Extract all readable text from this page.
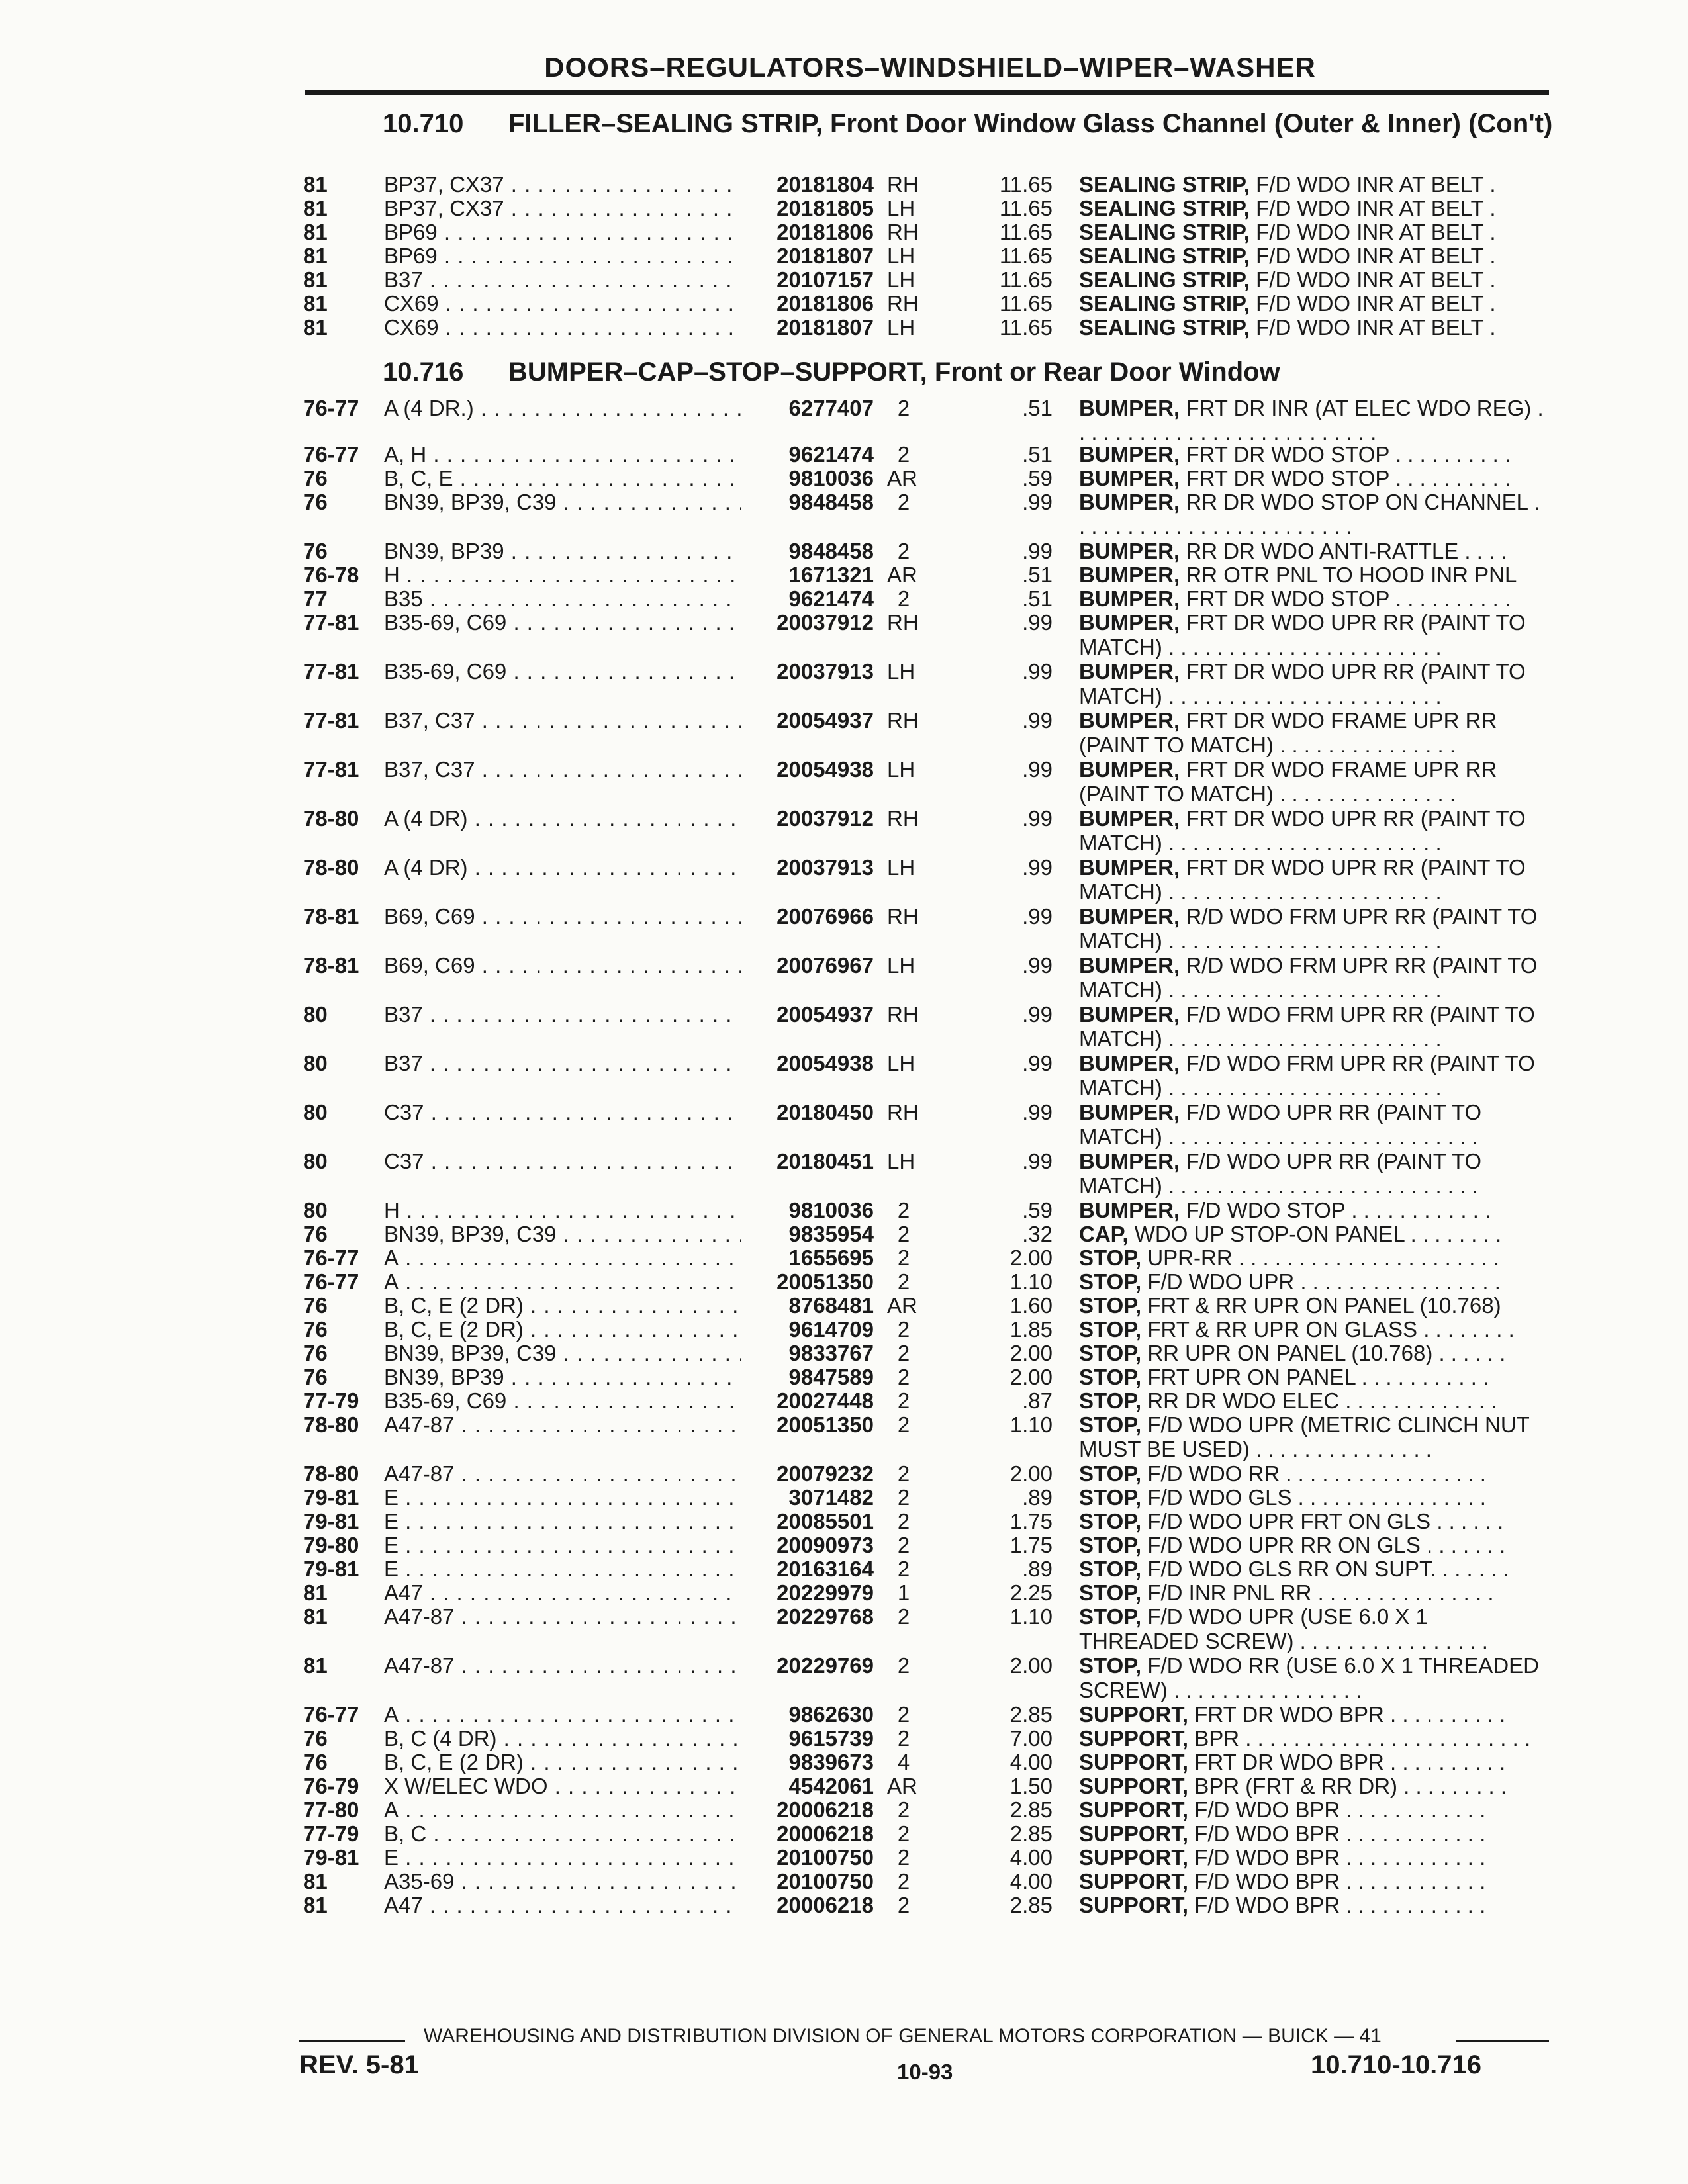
DOORS–REGULATORS–WINDSHIELD–WIPER–WASHER
10.710 FILLER–SEALING STRIP, Front Door Window Glass Channel (Outer & Inner) (Con't)
10.716 BUMPER–CAP–STOP–SUPPORT, Front or Rear Door Window
81	BP37, CX37 . . .	20181804 RH	11.65 SEALING STRIP, F/D WDO INR AT BELT .
81	BP37, CX37 . . .	20181805 LH	11.65 SEALING STRIP, F/D WDO INR AT BELT .
81	BP69 . . .	20181806 RH	11.65 SEALING STRIP, F/D WDO INR AT BELT .
81	BP69 . . .	20181807 LH	11.65 SEALING STRIP, F/D WDO INR AT BELT .
81	B37 . . .	20107157 LH	11.65 SEALING STRIP, F/D WDO INR AT BELT .
81	CX69 . . .	20181806 RH	11.65 SEALING STRIP, F/D WDO INR AT BELT .
81	CX69 . . .	20181807 LH	11.65 SEALING STRIP, F/D WDO INR AT BELT .
76-77 A (4 DR.) . . .	6277407	2	.51 BUMPER, FRT DR INR (AT ELEC WDO REG) . . . . . . . . . . . . . . . . . . . . . . . . . .
76-77 A, H . . .	9621474	2	.51 BUMPER, FRT DR WDO STOP . . . . . . . . . .
76	B, C, E . . .	9810036 AR	.59 BUMPER, FRT DR WDO STOP . . . . . . . . . .
76	BN39, BP39, C39 . . .	9848458	2	.99 BUMPER, RR DR WDO STOP ON CHANNEL . . . . . . . . . . . . . . . . . . . . . . . .
76	BN39, BP39 . . .	9848458	2	.99 BUMPER, RR DR WDO ANTI-RATTLE . . . .
76-78 H . . .	1671321 AR	.51 BUMPER, RR OTR PNL TO HOOD INR PNL
77	B35 . . .	9621474	2	.51 BUMPER, FRT DR WDO STOP . . . . . . . . . .
77-81 B35-69, C69 . . .	20037912 RH	.99 BUMPER, FRT DR WDO UPR RR (PAINT TO MATCH) . . . . . . . . . . . . . . . . . . . . . . .
77-81 B35-69, C69 . . .	20037913 LH	.99 BUMPER, FRT DR WDO UPR RR (PAINT TO MATCH) . . . . . . . . . . . . . . . . . . . . . . .
77-81 B37, C37 . . .	20054937 RH	.99 BUMPER, FRT DR WDO FRAME UPR RR (PAINT TO MATCH) . . . . . . . . . . . . . . .
77-81 B37, C37 . . .	20054938 LH	.99 BUMPER, FRT DR WDO FRAME UPR RR (PAINT TO MATCH) . . . . . . . . . . . . . . .
78-80 A (4 DR) . . .	20037912 RH	.99 BUMPER, FRT DR WDO UPR RR (PAINT TO MATCH) . . . . . . . . . . . . . . . . . . . . . . .
78-80 A (4 DR) . . .	20037913 LH	.99 BUMPER, FRT DR WDO UPR RR (PAINT TO MATCH) . . . . . . . . . . . . . . . . . . . . . . .
78-81 B69, C69 . . .	20076966 RH	.99 BUMPER, R/D WDO FRM UPR RR (PAINT TO MATCH) . . . . . . . . . . . . . . . . . . . . . . .
78-81 B69, C69 . . .	20076967 LH	.99 BUMPER, R/D WDO FRM UPR RR (PAINT TO MATCH) . . . . . . . . . . . . . . . . . . . . . . .
80	B37 . . .	20054937 RH	.99 BUMPER, F/D WDO FRM UPR RR (PAINT TO MATCH) . . . . . . . . . . . . . . . . . . . . . . .
80	B37 . . .	20054938 LH	.99 BUMPER, F/D WDO FRM UPR RR (PAINT TO MATCH) . . . . . . . . . . . . . . . . . . . . . . .
80	C37 . . .	20180450 RH	.99 BUMPER, F/D WDO UPR RR (PAINT TO MATCH) . . . . . . . . . . . . . . . . . . . . . . . . . .
80	C37 . . .	20180451 LH	.99 BUMPER, F/D WDO UPR RR (PAINT TO MATCH) . . . . . . . . . . . . . . . . . . . . . . . . . .
80	H . . .	9810036	2	.59 BUMPER, F/D WDO STOP . . . . . . . . . . . .
76	BN39, BP39, C39 . . .	9835954	2	.32 CAP, WDO UP STOP-ON PANEL . . . . . . . .
76-77 A . . .	1655695	2	2.00 STOP, UPR-RR . . . . . . . . . . . . . . . . . . . . . .
76-77 A . . .	20051350	2	1.10 STOP, F/D WDO UPR . . . . . . . . . . . . . . . . .
76	B, C, E (2 DR) . . .	8768481 AR	1.60 STOP, FRT & RR UPR ON PANEL (10.768)
76	B, C, E (2 DR) . . .	9614709	2	1.85 STOP, FRT & RR UPR ON GLASS . . . . . . . .
76	BN39, BP39, C39 . . .	9833767	2	2.00 STOP, RR UPR ON PANEL (10.768) . . . . . .
76	BN39, BP39 . . .	9847589	2	2.00 STOP, FRT UPR ON PANEL . . . . . . . . . . .
77-79 B35-69, C69 . . .	20027448	2	.87 STOP, RR DR WDO ELEC . . . . . . . . . . . . .
78-80 A47-87 . . .	20051350	2	1.10 STOP, F/D WDO UPR (METRIC CLINCH NUT MUST BE USED) . . . . . . . . . . . . . . .
78-80 A47-87 . . .	20079232	2	2.00 STOP, F/D WDO RR . . . . . . . . . . . . . . . . .
79-81 E . . .	3071482	2	.89 STOP, F/D WDO GLS . . . . . . . . . . . . . . . .
79-81 E . . .	20085501	2	1.75 STOP, F/D WDO UPR FRT ON GLS . . . . . .
79-80 E . . .	20090973	2	1.75 STOP, F/D WDO UPR RR ON GLS . . . . . . .
79-81 E . . .	20163164	2	.89 STOP, F/D WDO GLS RR ON SUPT. . . . . . .
81	A47 . . .	20229979	1	2.25 STOP, F/D INR PNL RR . . . . . . . . . . . . . . .
81	A47-87 . . .	20229768	2	1.10 STOP, F/D WDO UPR (USE 6.0 X 1 THREADED SCREW) . . . . . . . . . . . . . . . .
81	A47-87 . . .	20229769	2	2.00 STOP, F/D WDO RR (USE 6.0 X 1 THREADED SCREW) . . . . . . . . . . . . . . . .
76-77 A . . .	9862630	2	2.85 SUPPORT, FRT DR WDO BPR . . . . . . . . . .
76	B, C (4 DR) . . .	9615739	2	7.00 SUPPORT, BPR . . . . . . . . . . . . . . . . . . . . . . . .
76	B, C, E (2 DR) . . .	9839673	4	4.00 SUPPORT, FRT DR WDO BPR . . . . . . . . . .
76-79 X W/ELEC WDO . . .	4542061 AR	1.50 SUPPORT, BPR (FRT & RR DR) . . . . . . . . .
77-80 A . . .	20006218	2	2.85 SUPPORT, F/D WDO BPR . . . . . . . . . . . .
77-79 B, C . . .	20006218	2	2.85 SUPPORT, F/D WDO BPR . . . . . . . . . . . .
79-81 E . . .	20100750	2	4.00 SUPPORT, F/D WDO BPR . . . . . . . . . . . .
81	A35-69 . . .	20100750	2	4.00 SUPPORT, F/D WDO BPR . . . . . . . . . . . .
81	A47 . . .	20006218	2	2.85 SUPPORT, F/D WDO BPR . . . . . . . . . . . .
WAREHOUSING AND DISTRIBUTION DIVISION OF GENERAL MOTORS CORPORATION — BUICK — 41
REV. 5-81	10-93	10.710-10.716
